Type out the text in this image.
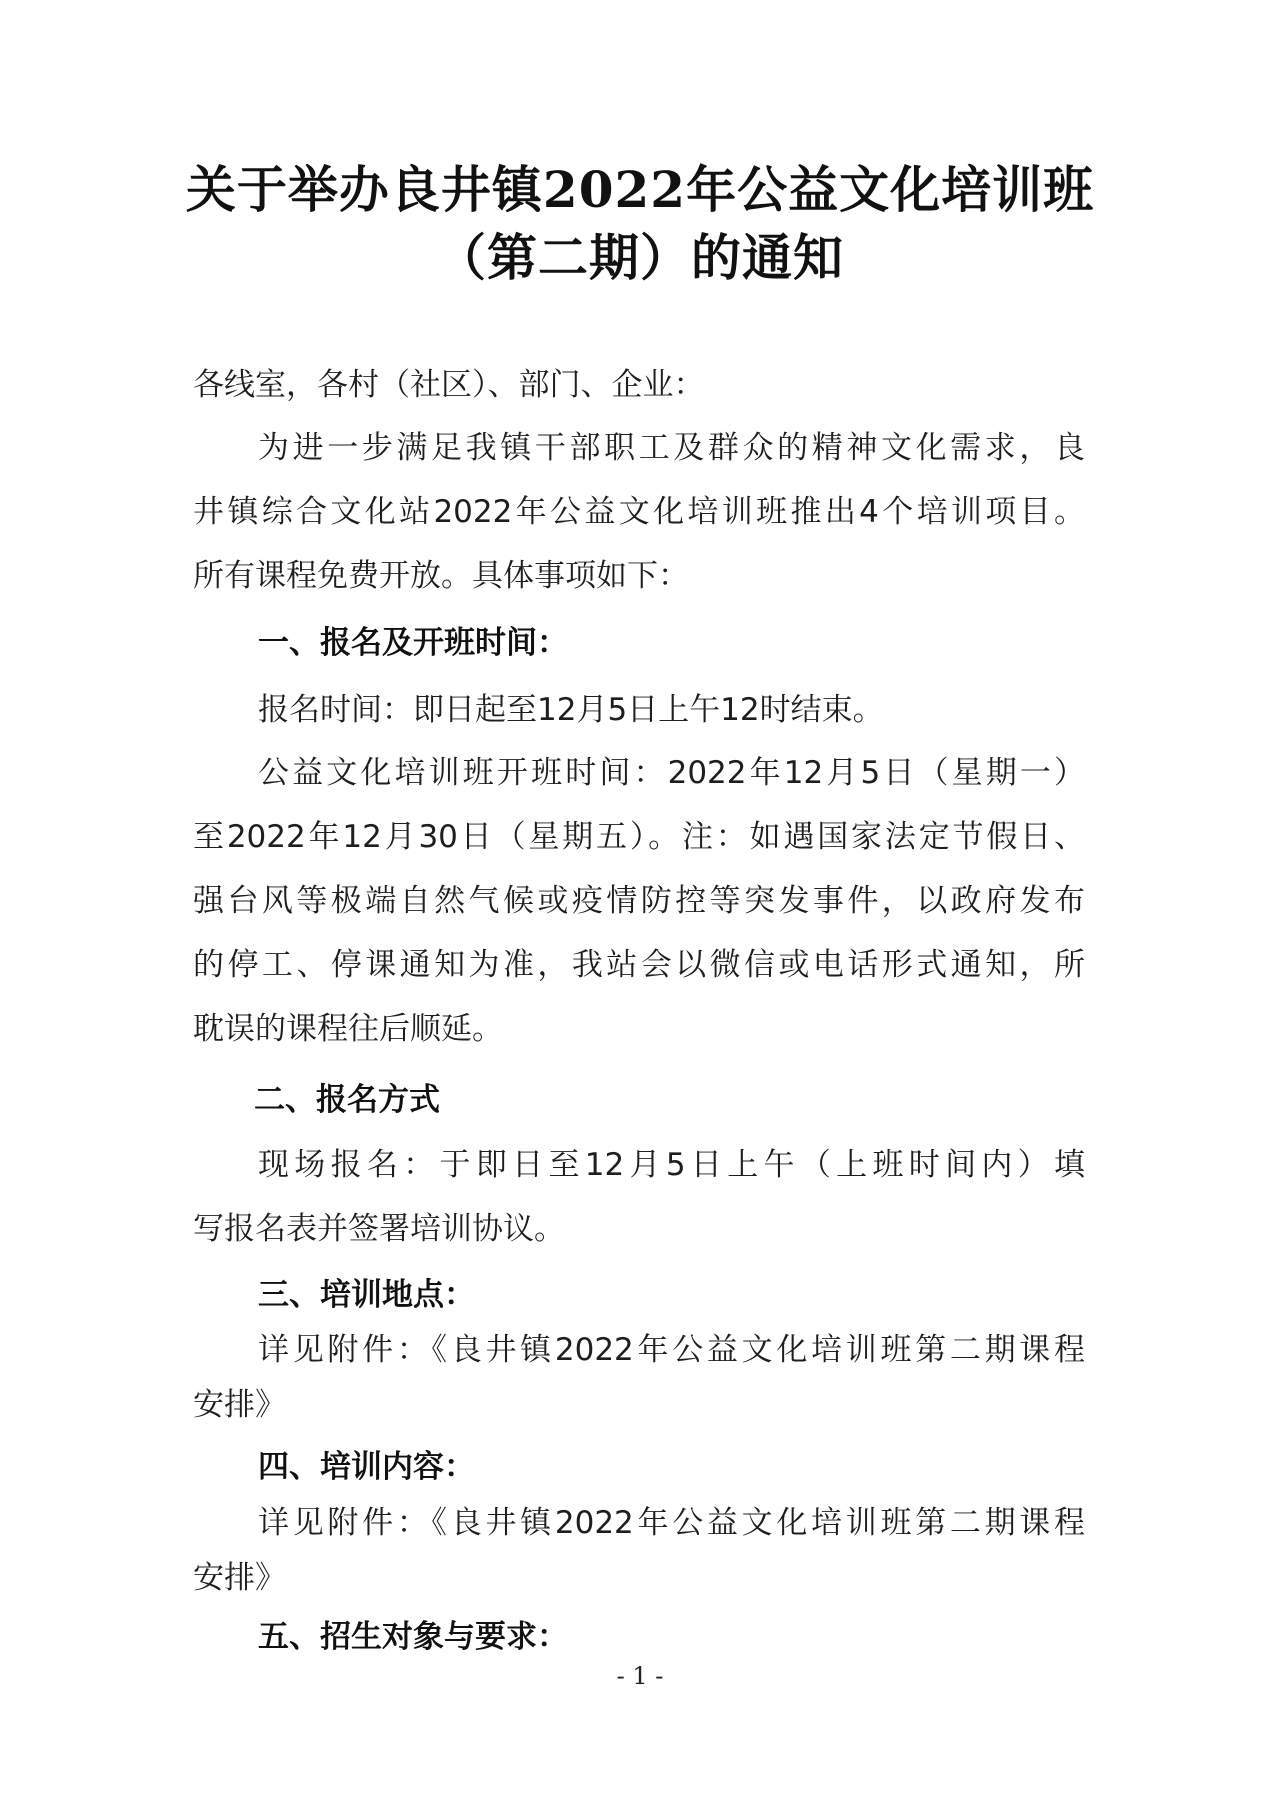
关于举办良井镇2022年公益文化培训班
（第二期）的通知

各线室，各村（社区）、部门、企业：

为进一步满足我镇干部职工及群众的精神文化需求，良

井镇综合文化站2022年公益文化培训班推出4个培训项目。

所有课程免费开放。具体事项如下：

一、报名及开班时间：

报名时间：即日起至12月5日上午12时结束。

公益文化培训班开班时间：2022年12月5日（星期一）

至2022年12月30日（星期五）。注：如遇国家法定节假日、

强台风等极端自然气候或疫情防控等突发事件，以政府发布

的停工、停课通知为准，我站会以微信或电话形式通知，所

耽误的课程往后顺延。

二、报名方式

现场报名：于即日至12月5日上午（上班时间内）填

写报名表并签署培训协议。

三、培训地点：

详见附件：《良井镇2022年公益文化培训班第二期课程

安排》

四、培训内容：

详见附件：《良井镇2022年公益文化培训班第二期课程

安排》

五、招生对象与要求：

- 1 -
